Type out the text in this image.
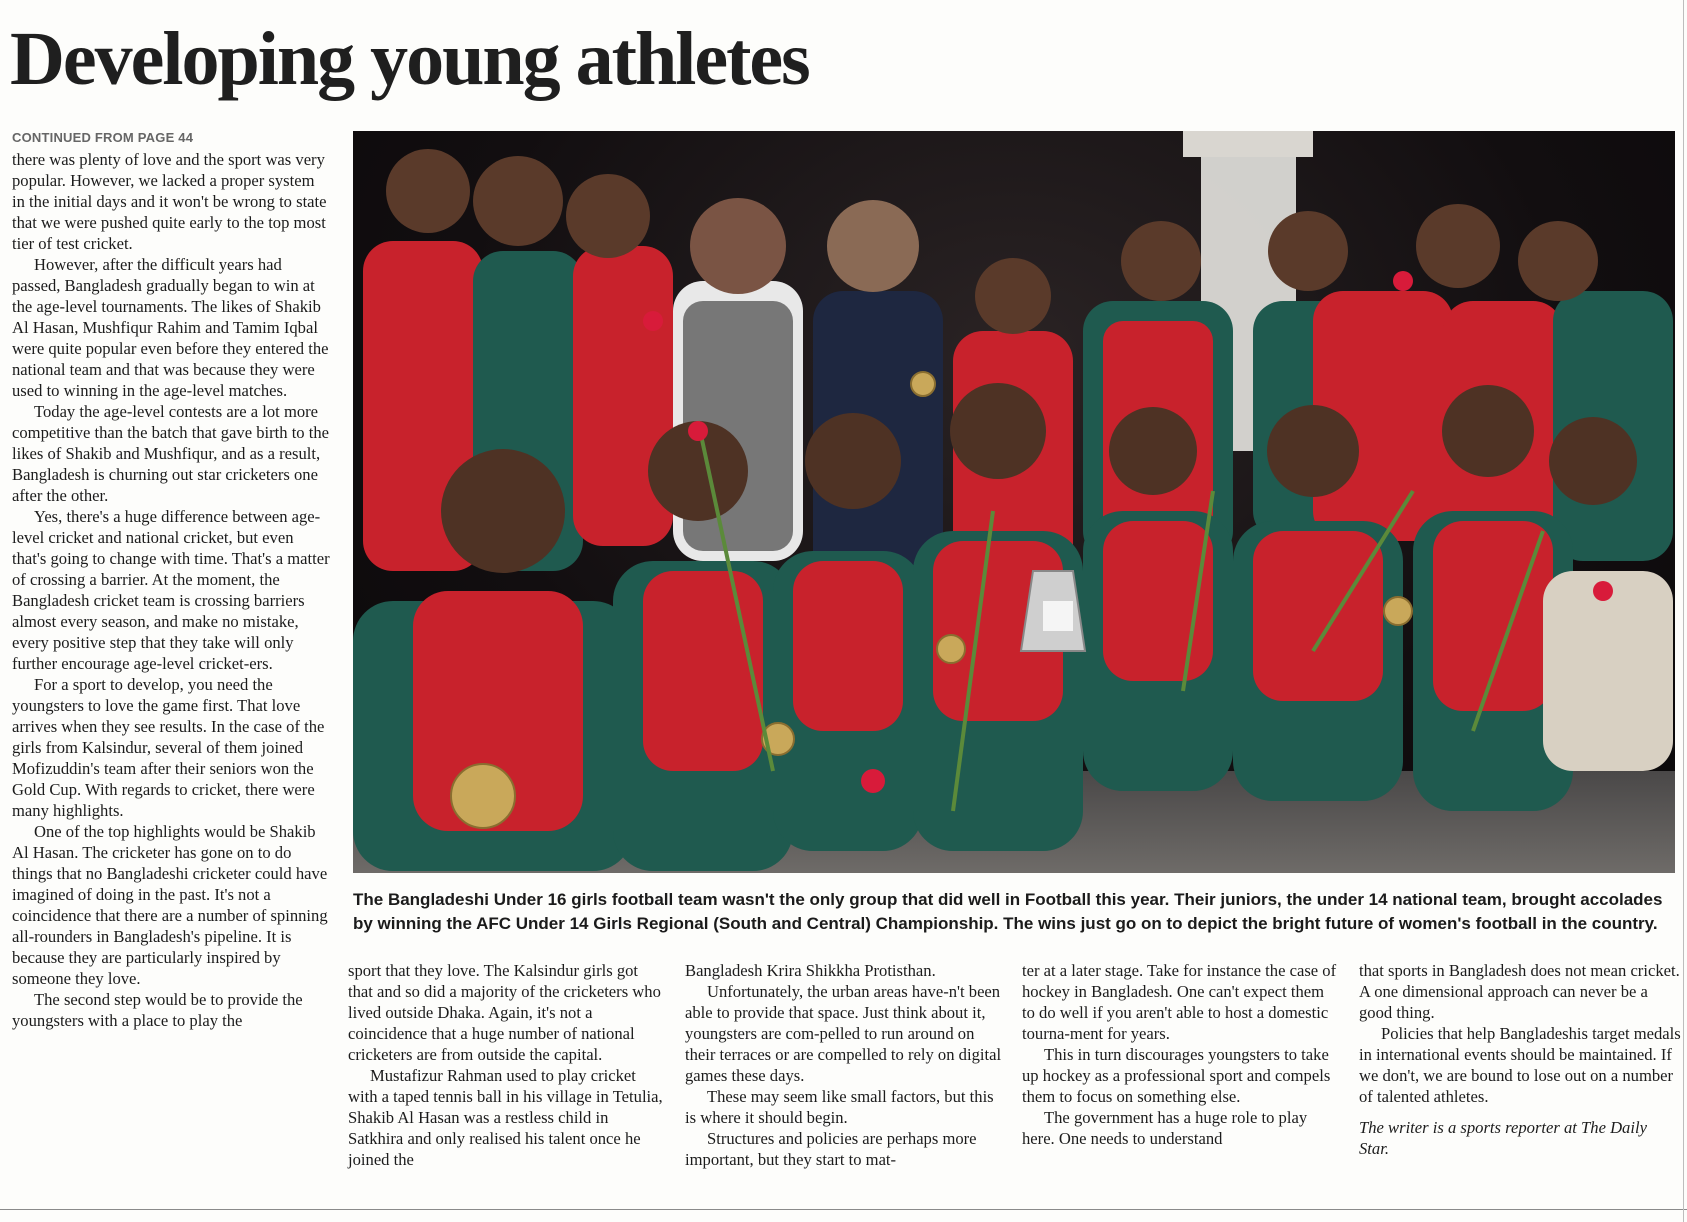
Developing young athletes
CONTINUED FROM PAGE 44

there was plenty of love and the sport was very popular. However, we lacked a proper system in the initial days and it won't be wrong to state that we were pushed quite early to the top most tier of test cricket.

However, after the difficult years had passed, Bangladesh gradually began to win at the age-level tournaments. The likes of Shakib Al Hasan, Mushfiqur Rahim and Tamim Iqbal were quite popular even before they entered the national team and that was because they were used to winning in the age-level matches.

Today the age-level contests are a lot more competitive than the batch that gave birth to the likes of Shakib and Mushfiqur, and as a result, Bangladesh is churning out star cricketers one after the other.

Yes, there's a huge difference between age-level cricket and national cricket, but even that's going to change with time. That's a matter of crossing a barrier. At the moment, the Bangladesh cricket team is crossing barriers almost every season, and make no mistake, every positive step that they take will only further encourage age-level cricket-ers.

For a sport to develop, you need the youngsters to love the game first. That love arrives when they see results. In the case of the girls from Kalsindur, several of them joined Mofizuddin's team after their seniors won the Gold Cup. With regards to cricket, there were many highlights.

One of the top highlights would be Shakib Al Hasan. The cricketer has gone on to do things that no Bangladeshi cricketer could have imagined of doing in the past. It's not a coincidence that there are a number of spinning all-rounders in Bangladesh's pipeline. It is because they are particularly inspired by someone they love.

The second step would be to provide the youngsters with a place to play the

The Bangladeshi Under 16 girls football team wasn't the only group that did well in Football this year. Their juniors, the under 14 national team, brought accolades by winning the AFC Under 14 Girls Regional (South and Central) Championship. The wins just go on to depict the bright future of women's football in the country.

sport that they love. The Kalsindur girls got that and so did a majority of the cricketers who lived outside Dhaka. Again, it's not a coincidence that a huge number of national cricketers are from outside the capital.

Mustafizur Rahman used to play cricket with a taped tennis ball in his village in Tetulia, Shakib Al Hasan was a restless child in Satkhira and only realised his talent once he joined the

Bangladesh Krira Shikkha Protisthan.

Unfortunately, the urban areas have-n't been able to provide that space. Just think about it, youngsters are com-pelled to run around on their terraces or are compelled to rely on digital games these days.

These may seem like small factors, but this is where it should begin.

Structures and policies are perhaps more important, but they start to mat-

ter at a later stage. Take for instance the case of hockey in Bangladesh. One can't expect them to do well if you aren't able to host a domestic tourna-ment for years.

This in turn discourages youngsters to take up hockey as a professional sport and compels them to focus on something else.

The government has a huge role to play here. One needs to understand

that sports in Bangladesh does not mean cricket. A one dimensional approach can never be a good thing.

Policies that help Bangladeshis target medals in international events should be maintained. If we don't, we are bound to lose out on a number of talented athletes.

The writer is a sports reporter at The Daily Star.
